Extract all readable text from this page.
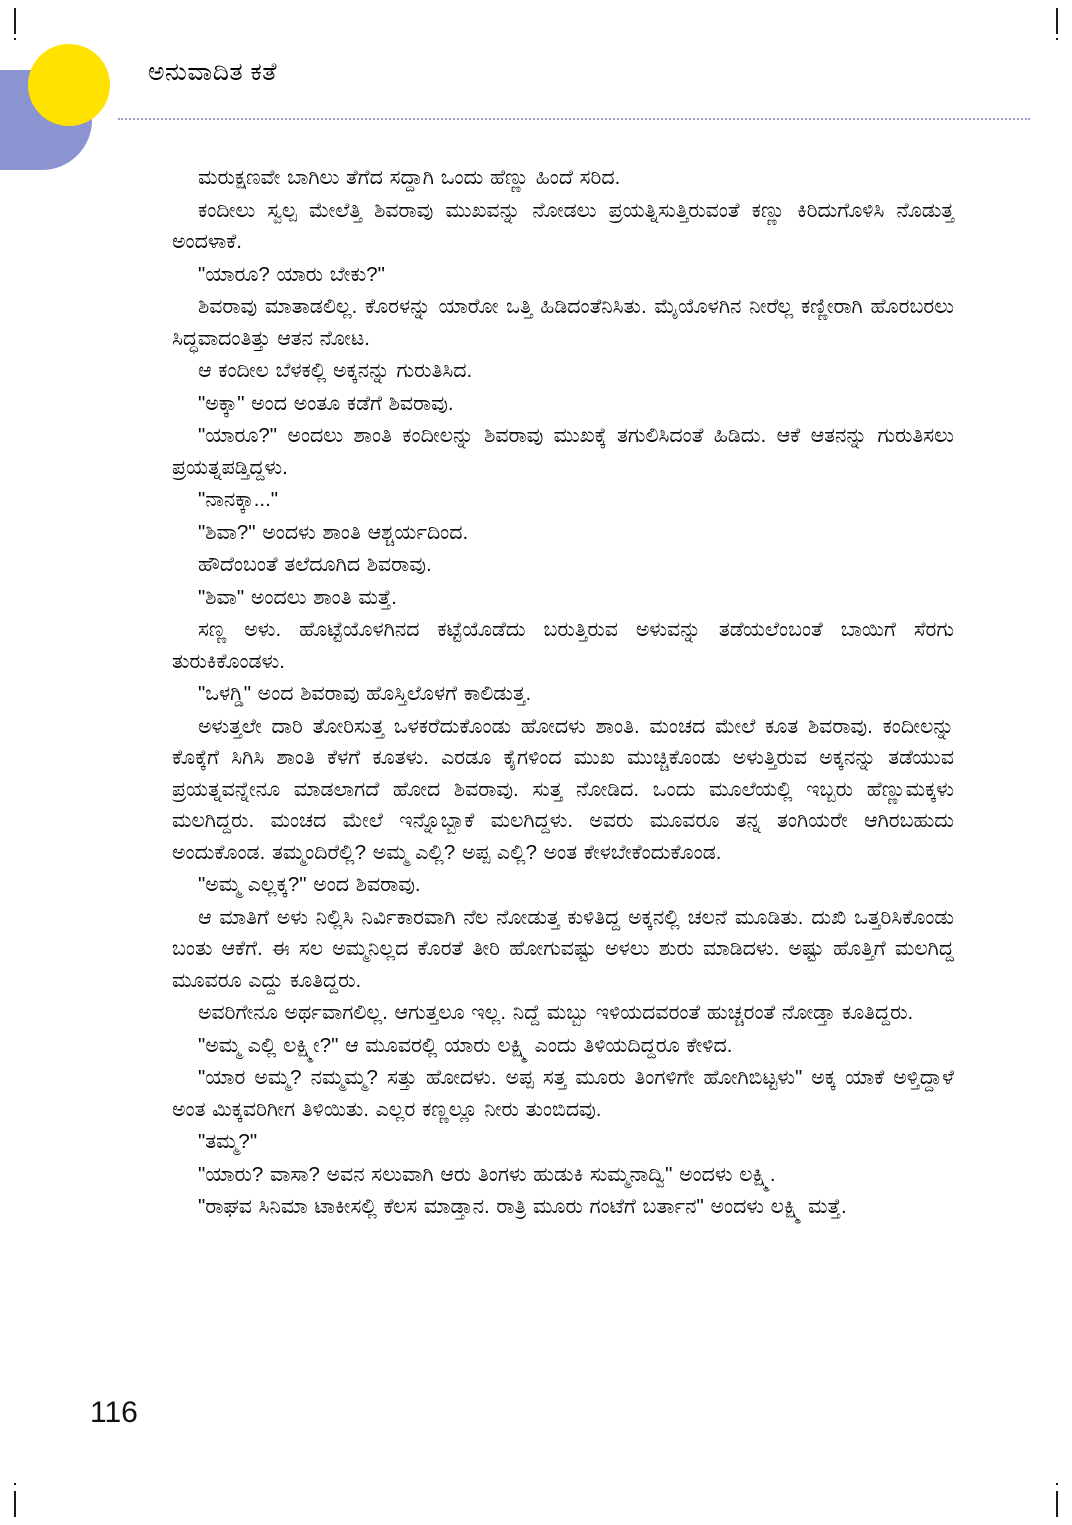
ಅನುವಾದಿತ ಕತೆ

ಮರುಕ್ಷಣವೇ ಬಾಗಿಲು ತೆಗೆದ ಸದ್ದಾಗಿ ಒಂದು ಹೆಣ್ಣು ಹಿಂದೆ ಸರಿದ.

ಕಂದೀಲು ಸ್ವಲ್ಪ ಮೇಲೆತ್ತಿ ಶಿವರಾವು ಮುಖವನ್ನು ನೋಡಲು ಪ್ರಯತ್ನಿಸುತ್ತಿರುವಂತೆ ಕಣ್ಣು ಕಿರಿದುಗೊಳಿಸಿ ನೊಡುತ್ತ ಅಂದಳಾಕೆ.

"ಯಾರೂ? ಯಾರು ಬೇಕು?"

ಶಿವರಾವು ಮಾತಾಡಲಿಲ್ಲ. ಕೊರಳನ್ನು ಯಾರೋ ಒತ್ತಿ ಹಿಡಿದಂತೆನಿಸಿತು. ಮೈಯೊಳಗಿನ ನೀರೆಲ್ಲ ಕಣ್ಣೀರಾಗಿ ಹೊರಬರಲು ಸಿದ್ಧವಾದಂತಿತ್ತು ಆತನ ನೋಟ.

ಆ ಕಂದೀಲ ಬೆಳಕಲ್ಲಿ ಅಕ್ಕನನ್ನು ಗುರುತಿಸಿದ.

"ಅಕ್ಕಾ" ಅಂದ ಅಂತೂ ಕಡೆಗೆ ಶಿವರಾವು.

"ಯಾರೂ?" ಅಂದಲು ಶಾಂತಿ ಕಂದೀಲನ್ನು ಶಿವರಾವು ಮುಖಕ್ಕೆ ತಗುಲಿಸಿದಂತೆ ಹಿಡಿದು. ಆಕೆ ಆತನನ್ನು ಗುರುತಿಸಲು ಪ್ರಯತ್ನಪಡ್ತಿದ್ದಳು.

"ನಾನಕ್ಕಾ..."

"ಶಿವಾ?" ಅಂದಳು ಶಾಂತಿ ಆಶ್ಚರ್ಯದಿಂದ.

ಹೌದೆಂಬಂತೆ ತಲೆದೂಗಿದ ಶಿವರಾವು.

"ಶಿವಾ" ಅಂದಲು ಶಾಂತಿ ಮತ್ತೆ.

ಸಣ್ಣ ಅಳು. ಹೊಟ್ಟೆಯೊಳಗಿನದ ಕಟ್ಟೆಯೊಡೆದು ಬರುತ್ತಿರುವ ಅಳುವನ್ನು ತಡೆಯಲೆಂಬಂತೆ ಬಾಯಿಗೆ ಸೆರಗು ತುರುಕಿಕೊಂಡಳು.

"ಒಳಗ್ಡಿ" ಅಂದ ಶಿವರಾವು ಹೊಸ್ತಿಲೊಳಗೆ ಕಾಲಿಡುತ್ತ.

ಅಳುತ್ತಲೇ ದಾರಿ ತೋರಿಸುತ್ತ ಒಳಕರೆದುಕೊಂಡು ಹೋದಳು ಶಾಂತಿ. ಮಂಚದ ಮೇಲೆ ಕೂತ ಶಿವರಾವು. ಕಂದೀಲನ್ನು ಕೊಕ್ಕೆಗೆ ಸಿಗಿಸಿ ಶಾಂತಿ ಕೆಳಗೆ ಕೂತಳು. ಎರಡೂ ಕೈಗಳಿಂದ ಮುಖ ಮುಚ್ಚಿಕೊಂಡು ಅಳುತ್ತಿರುವ ಅಕ್ಕನನ್ನು ತಡೆಯುವ ಪ್ರಯತ್ನವನ್ನೇನೂ ಮಾಡಲಾಗದೆ ಹೋದ ಶಿವರಾವು. ಸುತ್ತ ನೋಡಿದ. ಒಂದು ಮೂಲೆಯಲ್ಲಿ ಇಬ್ಬರು ಹೆಣ್ಣುಮಕ್ಕಳು ಮಲಗಿದ್ದರು. ಮಂಚದ ಮೇಲೆ ಇನ್ನೊಬ್ಬಾಕೆ ಮಲಗಿದ್ದಳು. ಅವರು ಮೂವರೂ ತನ್ನ ತಂಗಿಯರೇ ಆಗಿರಬಹುದು ಅಂದುಕೊಂಡ. ತಮ್ಮಂದಿರೆಲ್ಲಿ? ಅಮ್ಮ ಎಲ್ಲಿ? ಅಪ್ಪ ಎಲ್ಲಿ? ಅಂತ ಕೇಳಬೇಕೆಂದುಕೊಂಡ.

"ಅಮ್ಮ ಎಲ್ಲಕ್ಕ?" ಅಂದ ಶಿವರಾವು.

ಆ ಮಾತಿಗೆ ಅಳು ನಿಲ್ಲಿಸಿ ನಿರ್ವಿಕಾರವಾಗಿ ನೆಲ ನೋಡುತ್ತ ಕುಳಿತಿದ್ದ ಅಕ್ಕನಲ್ಲಿ ಚಲನೆ ಮೂಡಿತು. ದುಖಿ ಒತ್ತರಿಸಿಕೊಂಡು ಬಂತು ಆಕೆಗೆ. ಈ ಸಲ ಅಮ್ಮನಿಲ್ಲದ ಕೊರತೆ ತೀರಿ ಹೋಗುವಷ್ಟು ಅಳಲು ಶುರು ಮಾಡಿದಳು. ಅಷ್ಟು ಹೊತ್ತಿಗೆ ಮಲಗಿದ್ದ ಮೂವರೂ ಎದ್ದು ಕೂತಿದ್ದರು.

ಅವರಿಗೇನೂ ಅರ್ಥವಾಗಲಿಲ್ಲ. ಆಗುತ್ತಲೂ ಇಲ್ಲ. ನಿದ್ದೆ ಮಬ್ಬು ಇಳಿಯದವರಂತೆ ಹುಚ್ಚರಂತೆ ನೋಡ್ತಾ ಕೂತಿದ್ದರು.

"ಅಮ್ಮ ಎಲ್ಲಿ ಲಕ್ಷ್ಮೀ?" ಆ ಮೂವರಲ್ಲಿ ಯಾರು ಲಕ್ಷ್ಮಿ ಎಂದು ತಿಳಿಯದಿದ್ದರೂ ಕೇಳಿದ.

"ಯಾರ ಅಮ್ಮ? ನಮ್ಮಮ್ಮ? ಸತ್ತು ಹೋದಳು. ಅಪ್ಪ ಸತ್ತ ಮೂರು ತಿಂಗಳಿಗೇ ಹೋಗಿಬಿಟ್ಟಳು" ಅಕ್ಕ ಯಾಕೆ ಅಳ್ತಿದ್ದಾಳೆ ಅಂತ ಮಿಕ್ಕವರಿಗೀಗ ತಿಳಿಯಿತು. ಎಲ್ಲರ ಕಣ್ಣಲ್ಲೂ ನೀರು ತುಂಬಿದವು.

"ತಮ್ಮ?"

"ಯಾರು? ವಾಸಾ? ಅವನ ಸಲುವಾಗಿ ಆರು ತಿಂಗಳು ಹುಡುಕಿ ಸುಮ್ಮನಾದ್ವಿ" ಅಂದಳು ಲಕ್ಷ್ಮಿ.

"ರಾಘವ ಸಿನಿಮಾ ಟಾಕೀಸಲ್ಲಿ ಕೆಲಸ ಮಾಡ್ತಾನ. ರಾತ್ರಿ ಮೂರು ಗಂಟೆಗೆ ಬರ್ತಾನ" ಅಂದಳು ಲಕ್ಷ್ಮಿ ಮತ್ತೆ.

116
